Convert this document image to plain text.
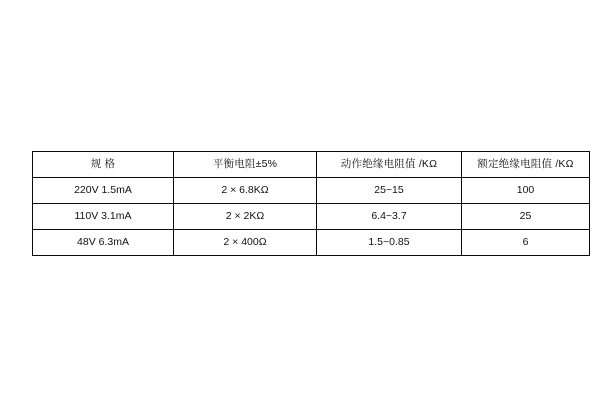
规 格	平衡电阻±5%	动作绝缘电阻值 /KΩ	额定绝缘电阻值 /KΩ
220V 1.5mA	2 × 6.8KΩ	25~15	100
110V 3.1mA	2 × 2KΩ	6.4~3.7	25
48V 6.3mA	2 × 400Ω	1.5~0.85	6
